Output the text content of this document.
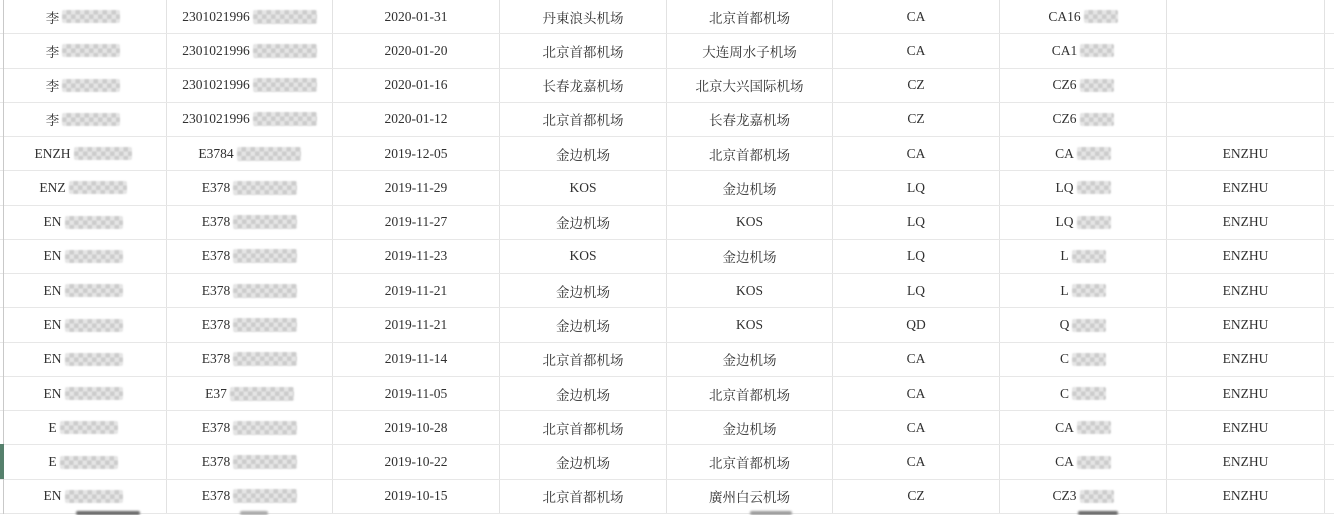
李	2301021996	2020-01-31	丹東浪头机场	北京首都机场	CA	CA16
李	2301021996	2020-01-20	北京首都机场	大连周水子机场	CA	CA1
李	2301021996	2020-01-16	长春龙嘉机场	北京大兴国际机场	CZ	CZ6
李	2301021996	2020-01-12	北京首都机场	长春龙嘉机场	CZ	CZ6
ENZH	E3784	2019-12-05	金边机场	北京首都机场	CA	CA	ENZHU
ENZ	E378	2019-11-29	KOS	金边机场	LQ	LQ	ENZHU
EN	E378	2019-11-27	金边机场	KOS	LQ	LQ	ENZHU
EN	E378	2019-11-23	KOS	金边机场	LQ	L	ENZHU
EN	E378	2019-11-21	金边机场	KOS	LQ	L	ENZHU
EN	E378	2019-11-21	金边机场	KOS	QD	Q	ENZHU
EN	E378	2019-11-14	北京首都机场	金边机场	CA	C	ENZHU
EN	E37	2019-11-05	金边机场	北京首都机场	CA	C	ENZHU
E	E378	2019-10-28	北京首都机场	金边机场	CA	CA	ENZHU
E	E378	2019-10-22	金边机场	北京首都机场	CA	CA	ENZHU
EN	E378	2019-10-15	北京首都机场	廣州白云机场	CZ	CZ3	ENZHU
